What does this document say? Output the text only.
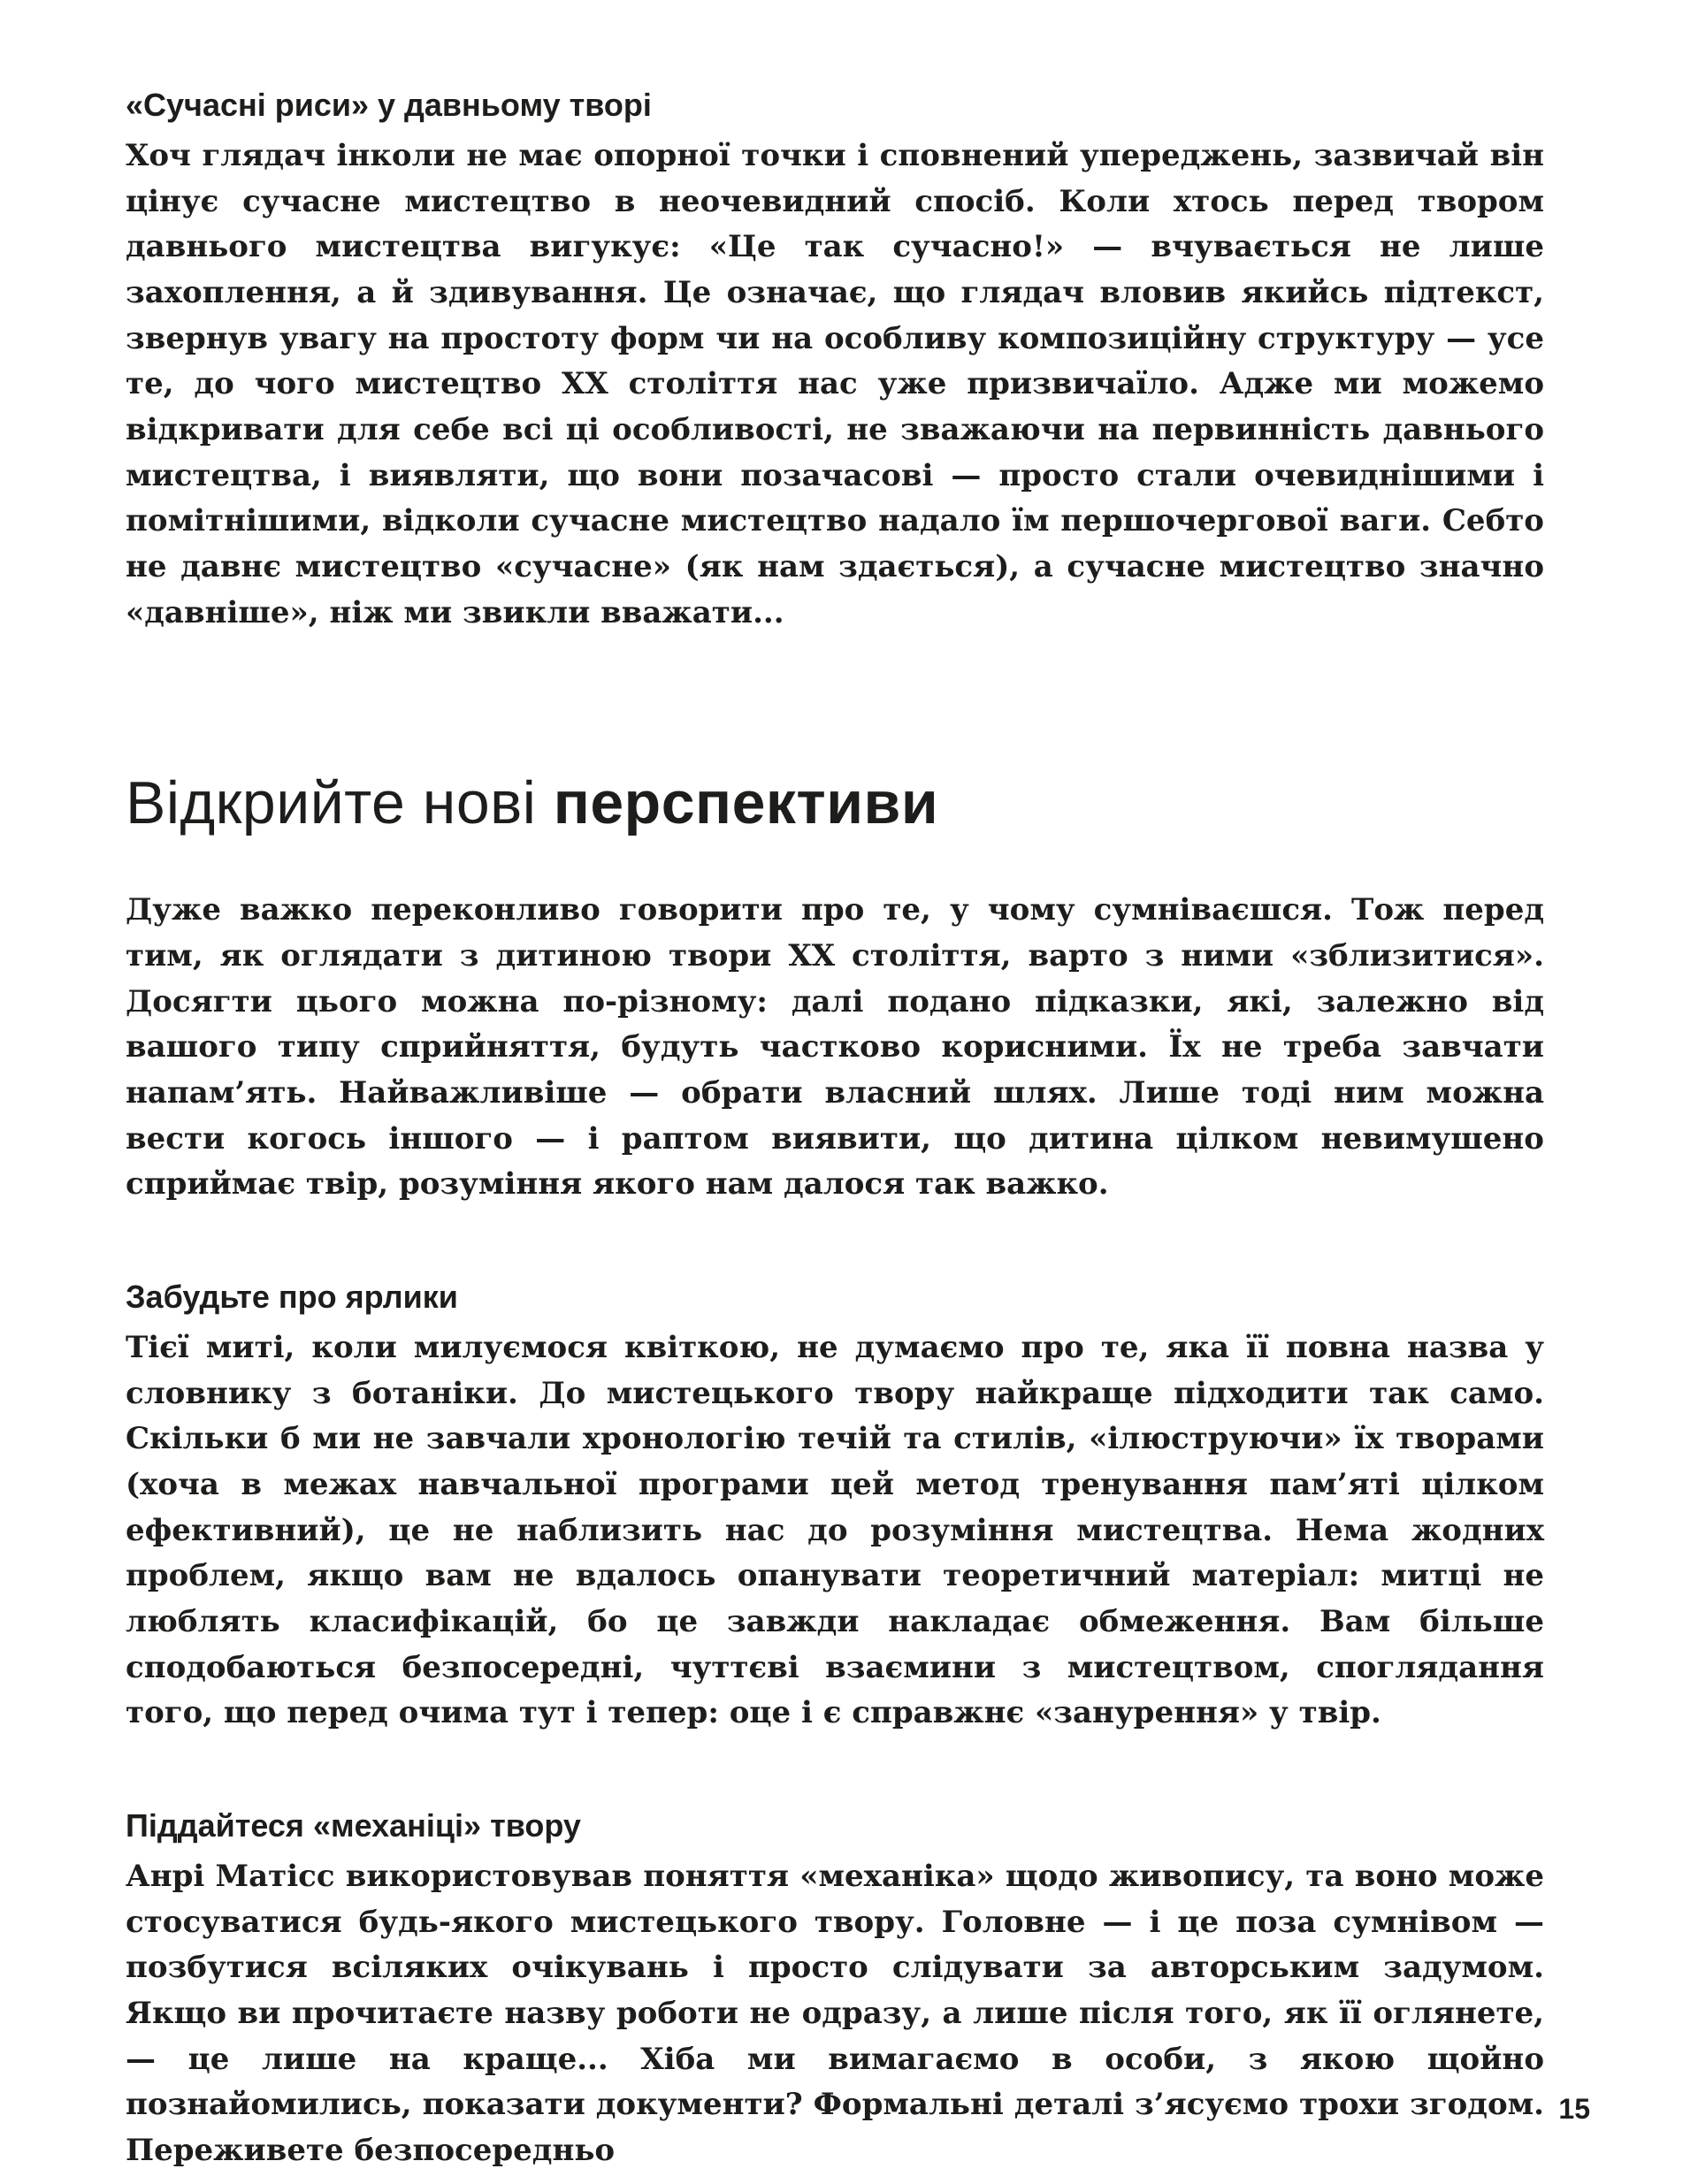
«Сучасні риси» у давньому творі

Хоч глядач інколи не має опорної точки і сповнений упереджень, зазвичай він цінує сучасне мистецтво в неочевидний спосіб. Коли хтось перед твором давнього мистецтва вигукує: «Це так сучасно!» — вчувається не лише захоплення, а й здивування. Це означає, що глядач вловив якийсь підтекст, звернув увагу на простоту форм чи на особливу композиційну структуру — усе те, до чого мистецтво ХХ століття нас уже призвичаїло. Адже ми можемо відкривати для себе всі ці особливості, не зважаючи на первинність давнього мистецтва, і виявляти, що вони позачасові — просто стали очевиднішими і помітнішими, відколи сучасне мистецтво надало їм першочергової ваги. Себто не давнє мистецтво «сучасне» (як нам здається), а сучасне мистецтво значно «давніше», ніж ми звикли вважати...

Відкрийте нові перспективи

Дуже важко переконливо говорити про те, у чому сумніваєшся. Тож перед тим, як оглядати з дитиною твори ХХ століття, варто з ними «зблизитися». Досягти цього можна по-різному: далі подано підказки, які, залежно від вашого типу сприйняття, будуть частково корисними. Їх не треба завчати напам’ять. Найважливіше — обрати власний шлях. Лише тоді ним можна вести когось іншого — і раптом виявити, що дитина цілком невимушено сприймає твір, розуміння якого нам далося так важко.

Забудьте про ярлики

Тієї миті, коли милуємося квіткою, не думаємо про те, яка її повна назва у словнику з ботаніки. До мистецького твору найкраще підходити так само. Скільки б ми не завчали хронологію течій та стилів, «ілюструючи» їх творами (хоча в межах навчальної програми цей метод тренування пам’яті цілком ефективний), це не наблизить нас до розуміння мистецтва. Нема жодних проблем, якщо вам не вдалось опанувати теоретичний матеріал: митці не люблять класифікацій, бо це завжди накладає обмеження. Вам більше сподобаються безпосередні, чуттєві взаємини з мистецтвом, споглядання того, що перед очима тут і тепер: оце і є справжнє «занурення» у твір.

Піддайтеся «механіці» твору

Анрі Матісс використовував поняття «механіка» щодо живопису, та воно може стосуватися будь-якого мистецького твору. Головне — і це поза сумнівом — позбутися всіляких очікувань і просто слідувати за авторським задумом. Якщо ви прочитаєте назву роботи не одразу, а лише після того, як її оглянете, — це лише на краще... Хіба ми вимагаємо в особи, з якою щойно познайомились, показати документи? Формальні деталі з’ясуємо трохи згодом. Переживете безпосередньо

15
